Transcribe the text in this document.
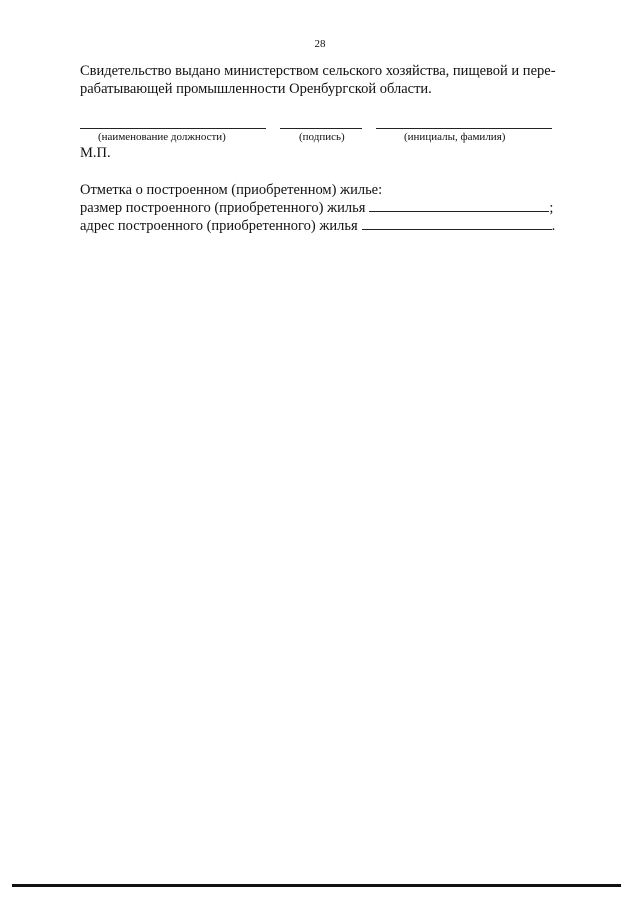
28
Свидетельство выдано министерством сельского хозяйства, пищевой и пере-
рабатывающей промышленности Оренбургской области.
(наименование должности)	(подпись)	(инициалы, фамилия)
М.П.
Отметка о построенном (приобретенном) жилье:
размер построенного (приобретенного) жилья	;
адрес построенного (приобретенного) жилья	.
